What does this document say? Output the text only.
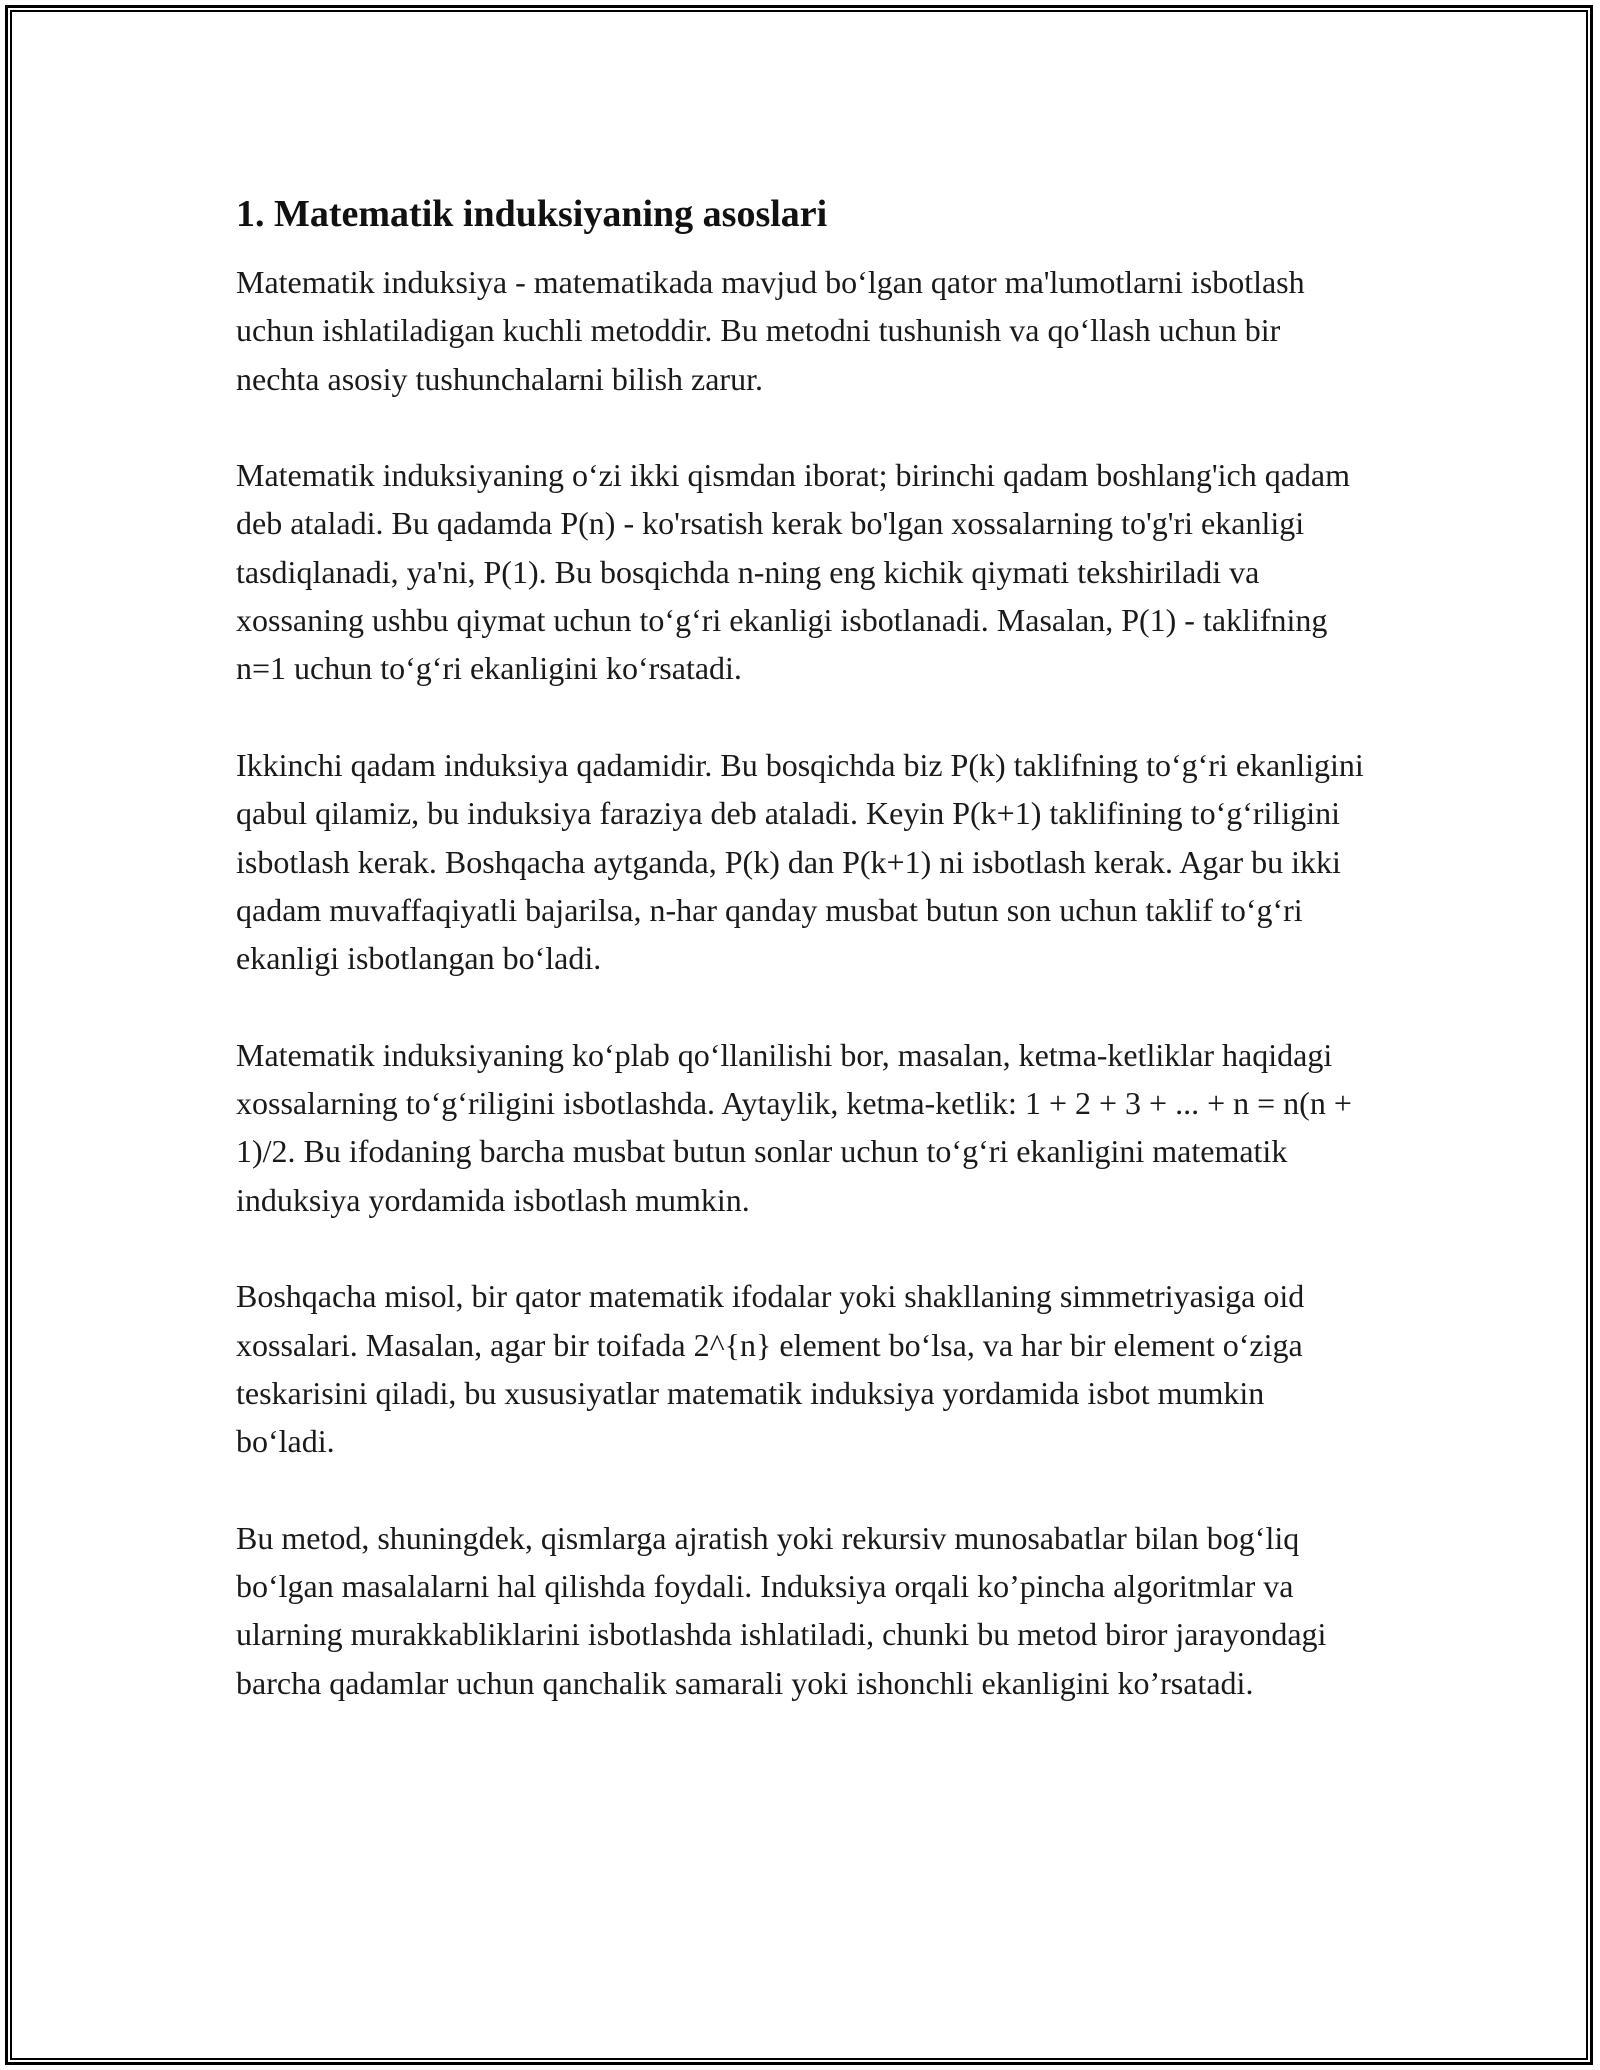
1. Matematik induksiyaning asoslari

Matematik induksiya - matematikada mavjud bo‘lgan qator ma'lumotlarni isbotlash uchun ishlatiladigan kuchli metoddir. Bu metodni tushunish va qo‘llash uchun bir nechta asosiy tushunchalarni bilish zarur.

Matematik induksiyaning o‘zi ikki qismdan iborat; birinchi qadam boshlang'ich qadam deb ataladi. Bu qadamda P(n) - ko'rsatish kerak bo'lgan xossalarning to'g'ri ekanligi tasdiqlanadi, ya'ni, P(1). Bu bosqichda n-ning eng kichik qiymati tekshiriladi va xossaning ushbu qiymat uchun to‘g‘ri ekanligi isbotlanadi. Masalan, P(1) - taklifning n=1 uchun to‘g‘ri ekanligini ko‘rsatadi.

Ikkinchi qadam induksiya qadamidir. Bu bosqichda biz P(k) taklifning to‘g‘ri ekanligini qabul qilamiz, bu induksiya faraziya deb ataladi. Keyin P(k+1) taklifining to‘g‘riligini isbotlash kerak. Boshqacha aytganda, P(k) dan P(k+1) ni isbotlash kerak. Agar bu ikki qadam muvaffaqiyatli bajarilsa, n-har qanday musbat butun son uchun taklif to‘g‘ri ekanligi isbotlangan bo‘ladi.

Matematik induksiyaning ko‘plab qo‘llanilishi bor, masalan, ketma-ketliklar haqidagi xossalarning to‘g‘riligini isbotlashda. Aytaylik, ketma-ketlik: 1 + 2 + 3 + ... + n = n(n + 1)/2. Bu ifodaning barcha musbat butun sonlar uchun to‘g‘ri ekanligini matematik induksiya yordamida isbotlash mumkin.

Boshqacha misol, bir qator matematik ifodalar yoki shakllaning simmetriyasiga oid xossalari. Masalan, agar bir toifada 2^{n} element bo‘lsa, va har bir element o‘ziga teskarisini qiladi, bu xususiyatlar matematik induksiya yordamida isbot mumkin bo‘ladi.

Bu metod, shuningdek, qismlarga ajratish yoki rekursiv munosabatlar bilan bog‘liq bo‘lgan masalalarni hal qilishda foydali. Induksiya orqali ko’pincha algoritmlar va ularning murakkabliklarini isbotlashda ishlatiladi, chunki bu metod biror jarayondagi barcha qadamlar uchun qanchalik samarali yoki ishonchli ekanligini ko’rsatadi.
